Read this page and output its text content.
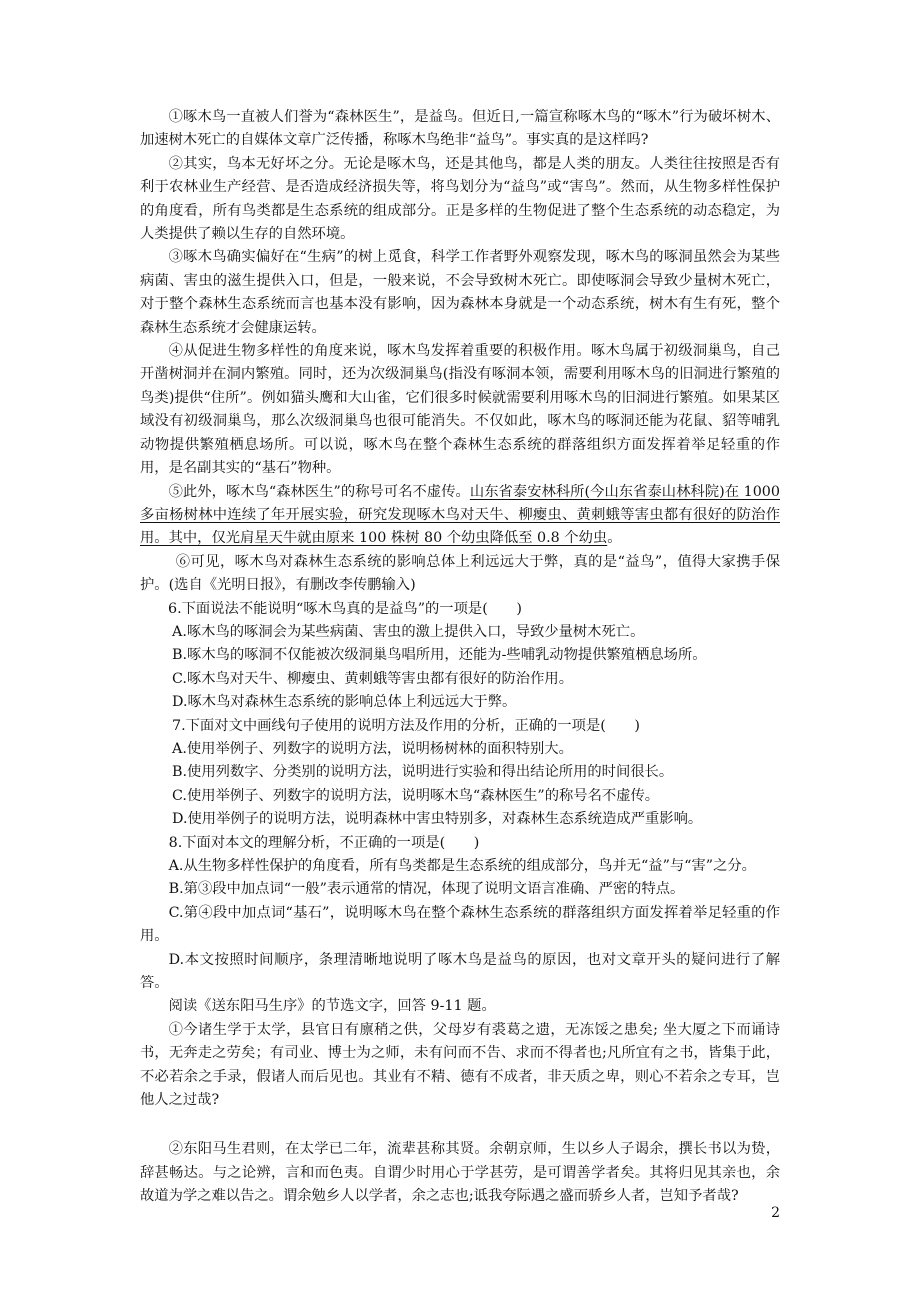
①啄木鸟一直被人们誉为“森林医生”，是益鸟。但近日,一篇宣称啄木鸟的“啄木”行为破坏树木、加速树木死亡的自媒体文章广泛传播，称啄木鸟绝非“益鸟”。事实真的是这样吗?

②其实，鸟本无好坏之分。无论是啄木鸟，还是其他鸟，都是人类的朋友。人类往往按照是否有利于农林业生产经营、是否造成经济损失等，将鸟划分为“益鸟”或“害鸟”。然而，从生物多样性保护的角度看，所有鸟类都是生态系统的组成部分。正是多样的生物促进了整个生态系统的动态稳定，为人类提供了赖以生存的自然环境。

③啄木鸟确实偏好在“生病”的树上觅食，科学工作者野外观察发现，啄木鸟的啄洞虽然会为某些病菌、害虫的滋生提供入口，但是，一般来说，不会导致树木死亡。即使啄洞会导致少量树木死亡，对于整个森林生态系统而言也基本没有影响，因为森林本身就是一个动态系统，树木有生有死，整个森林生态系统才会健康运转。

④从促进生物多样性的角度来说，啄木鸟发挥着重要的积极作用。啄木鸟属于初级洞巢鸟，自己开凿树洞并在洞内繁殖。同时，还为次级洞巢鸟(指没有啄洞本领，需要利用啄木鸟的旧洞进行繁殖的鸟类)提供“住所”。例如猫头鹰和大山雀，它们很多时候就需要利用啄木鸟的旧洞进行繁殖。如果某区域没有初级洞巢鸟，那么次级洞巢鸟也很可能消失。不仅如此，啄木鸟的啄洞还能为花鼠、貂等哺乳动物提供繁殖栖息场所。可以说，啄木鸟在整个森林生态系统的群落组织方面发挥着举足轻重的作用，是名副其实的“基石”物种。

⑤此外，啄木鸟“森林医生”的称号可名不虚传。山东省泰安林科所(今山东省泰山林科院)在 1000 多亩杨树林中连续了年开展实验，研究发现啄木鸟对天牛、柳瘿虫、黄刺蛾等害虫都有很好的防治作用。其中，仅光肩星天牛就由原来 100 株树 80 个幼虫降低至 0.8 个幼虫。

⑥可见，啄木鸟对森林生态系统的影响总体上利远远大于弊，真的是“益鸟”，值得大家携手保护。(选自《光明日报》，有删改李传鹏输入)

6.下面说法不能说明“啄木鸟真的是益鸟”的一项是(　　)

A.啄木鸟的啄洞会为某些病菌、害虫的激上提供入口，导致少量树木死亡。

B.啄木鸟的啄洞不仅能被次级洞巢鸟唱所用，还能为-些哺乳动物提供繁殖栖息场所。

C.啄木鸟对天牛、柳瘿虫、黄刺蛾等害虫都有很好的防治作用。

D.啄木鸟对森林生态系统的影响总体上利远远大于弊。

7.下面对文中画线句子使用的说明方法及作用的分析，正确的一项是(　　)

A.使用举例子、列数字的说明方法，说明杨树林的面积特别大。

B.使用列数字、分类别的说明方法，说明进行实验和得出结论所用的时间很长。

C.使用举例子、列数字的说明方法，说明啄木鸟“森林医生”的称号名不虚传。

D.使用举例子的说明方法，说明森林中害虫特别多，对森林生态系统造成严重影响。

8.下面对本文的理解分析，不正确的一项是(　　)

A.从生物多样性保护的角度看，所有鸟类都是生态系统的组成部分，鸟并无“益”与“害”之分。

B.第③段中加点词“一般”表示通常的情况，体现了说明文语言准确、严密的特点。

C.第④段中加点词“基石”，说明啄木鸟在整个森林生态系统的群落组织方面发挥着举足轻重的作用。

D.本文按照时间顺序，条理清晰地说明了啄木鸟是益鸟的原因，也对文章开头的疑问进行了解答。

阅读《送东阳马生序》的节选文字，回答 9-11 题。

①今诸生学于太学，县官日有廪稍之供，父母岁有裘葛之遗，无冻馁之患矣; 坐大厦之下而诵诗书，无奔走之劳矣；有司业、博士为之师，未有问而不告、求而不得者也;凡所宜有之书，皆集于此，不必若余之手录，假诸人而后见也。其业有不精、德有不成者，非天质之卑，则心不若余之专耳，岂他人之过哉?

②东阳马生君则，在太学已二年，流辈甚称其贤。余朝京师，生以乡人子谒余，撰长书以为贽，辞甚畅达。与之论辨，言和而色夷。自谓少时用心于学甚劳，是可谓善学者矣。其将归见其亲也，余故道为学之难以告之。谓余勉乡人以学者，余之志也;诋我夸际遇之盛而骄乡人者，岂知予者哉?

2
